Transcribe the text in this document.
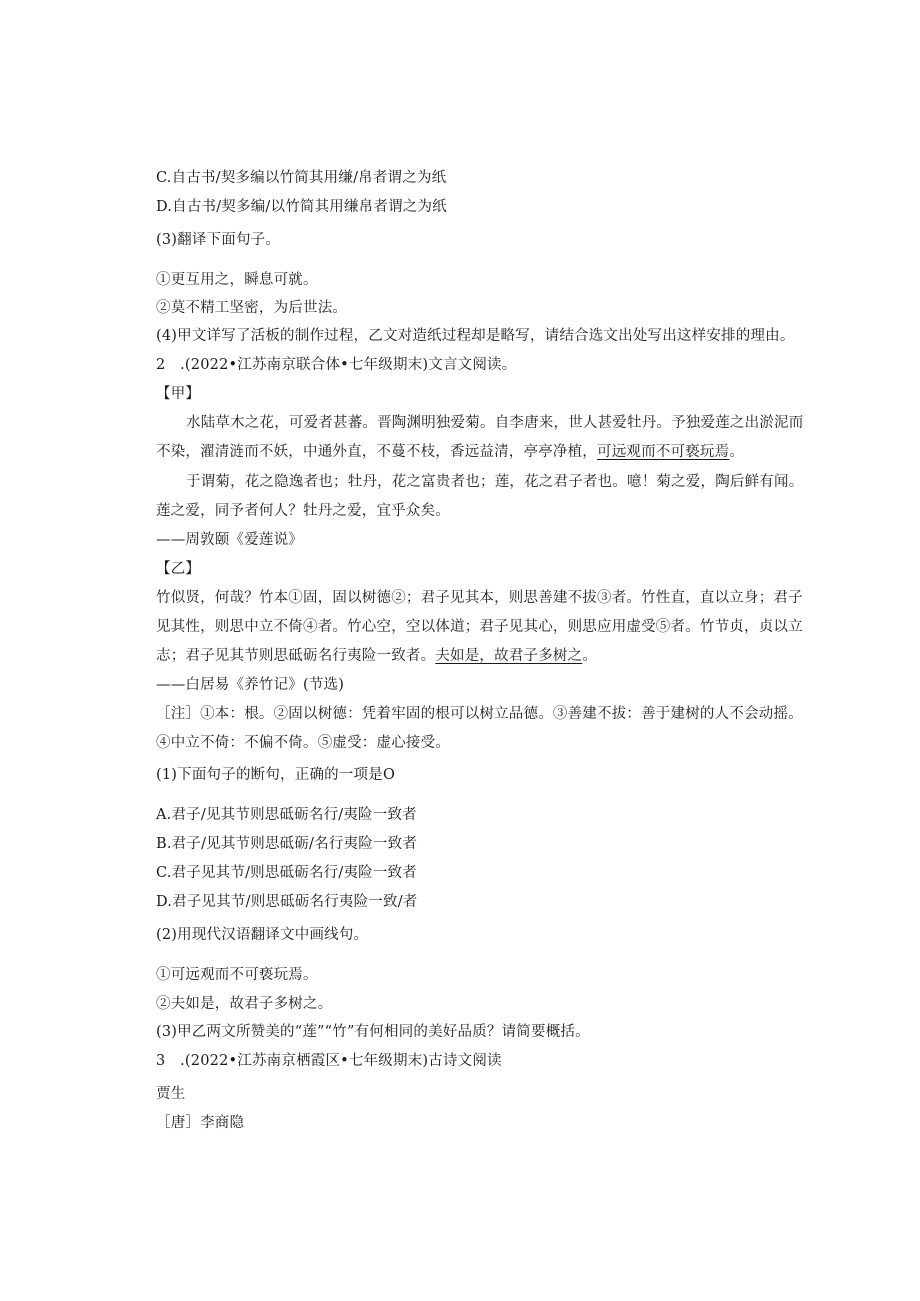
C.自古书/契多编以竹简其用缣/帛者谓之为纸
D.自古书/契多编/以竹简其用缣帛者谓之为纸
(3)翻译下面句子。
①更互用之，瞬息可就。
②莫不精工坚密，为后世法。
(4)甲文详写了活板的制作过程，乙文对造纸过程却是略写，请结合选文出处写出这样安排的理由。
2　.(2022•江苏南京联合体•七年级期末)文言文阅读。
【甲】
水陆草木之花，可爱者甚蕃。晋陶渊明独爱菊。自李唐来，世人甚爱牡丹。予独爱莲之出淤泥而
不染，濯清涟而不妖，中通外直，不蔓不枝，香远益清，亭亭净植，可远观而不可亵玩焉。
于谓菊，花之隐逸者也；牡丹，花之富贵者也；莲，花之君子者也。噫！菊之爱，陶后鲜有闻。
莲之爱，同予者何人？牡丹之爱，宜乎众矣。
——周敦颐《爱莲说》
【乙】
竹似贤，何哉？竹本①固，固以树德②；君子见其本，则思善建不拔③者。竹性直，直以立身；君子
见其性，则思中立不倚④者。竹心空，空以体道；君子见其心，则思应用虚受⑤者。竹节贞，贞以立
志；君子见其节则思砥砺名行夷险一致者。夫如是，故君子多树之。
——白居易《养竹记》(节选)
［注］①本：根。②固以树德：凭着牢固的根可以树立品德。③善建不拔：善于建树的人不会动摇。
④中立不倚：不偏不倚。⑤虚受：虚心接受。
(1)下面句子的断句，正确的一项是O
A.君子/见其节则思砥砺名行/夷险一致者
B.君子/见其节则思砥砺/名行夷险一致者
C.君子见其节/则思砥砺名行/夷险一致者
D.君子见其节/则思砥砺名行夷险一致/者
(2)用现代汉语翻译文中画线句。
①可远观而不可亵玩焉。
②夫如是，故君子多树之。
(3)甲乙两文所赞美的“莲”“竹”有何相同的美好品质？请简要概括。
3　.(2022•江苏南京栖霞区•七年级期末)古诗文阅读
贾生
［唐］李商隐
